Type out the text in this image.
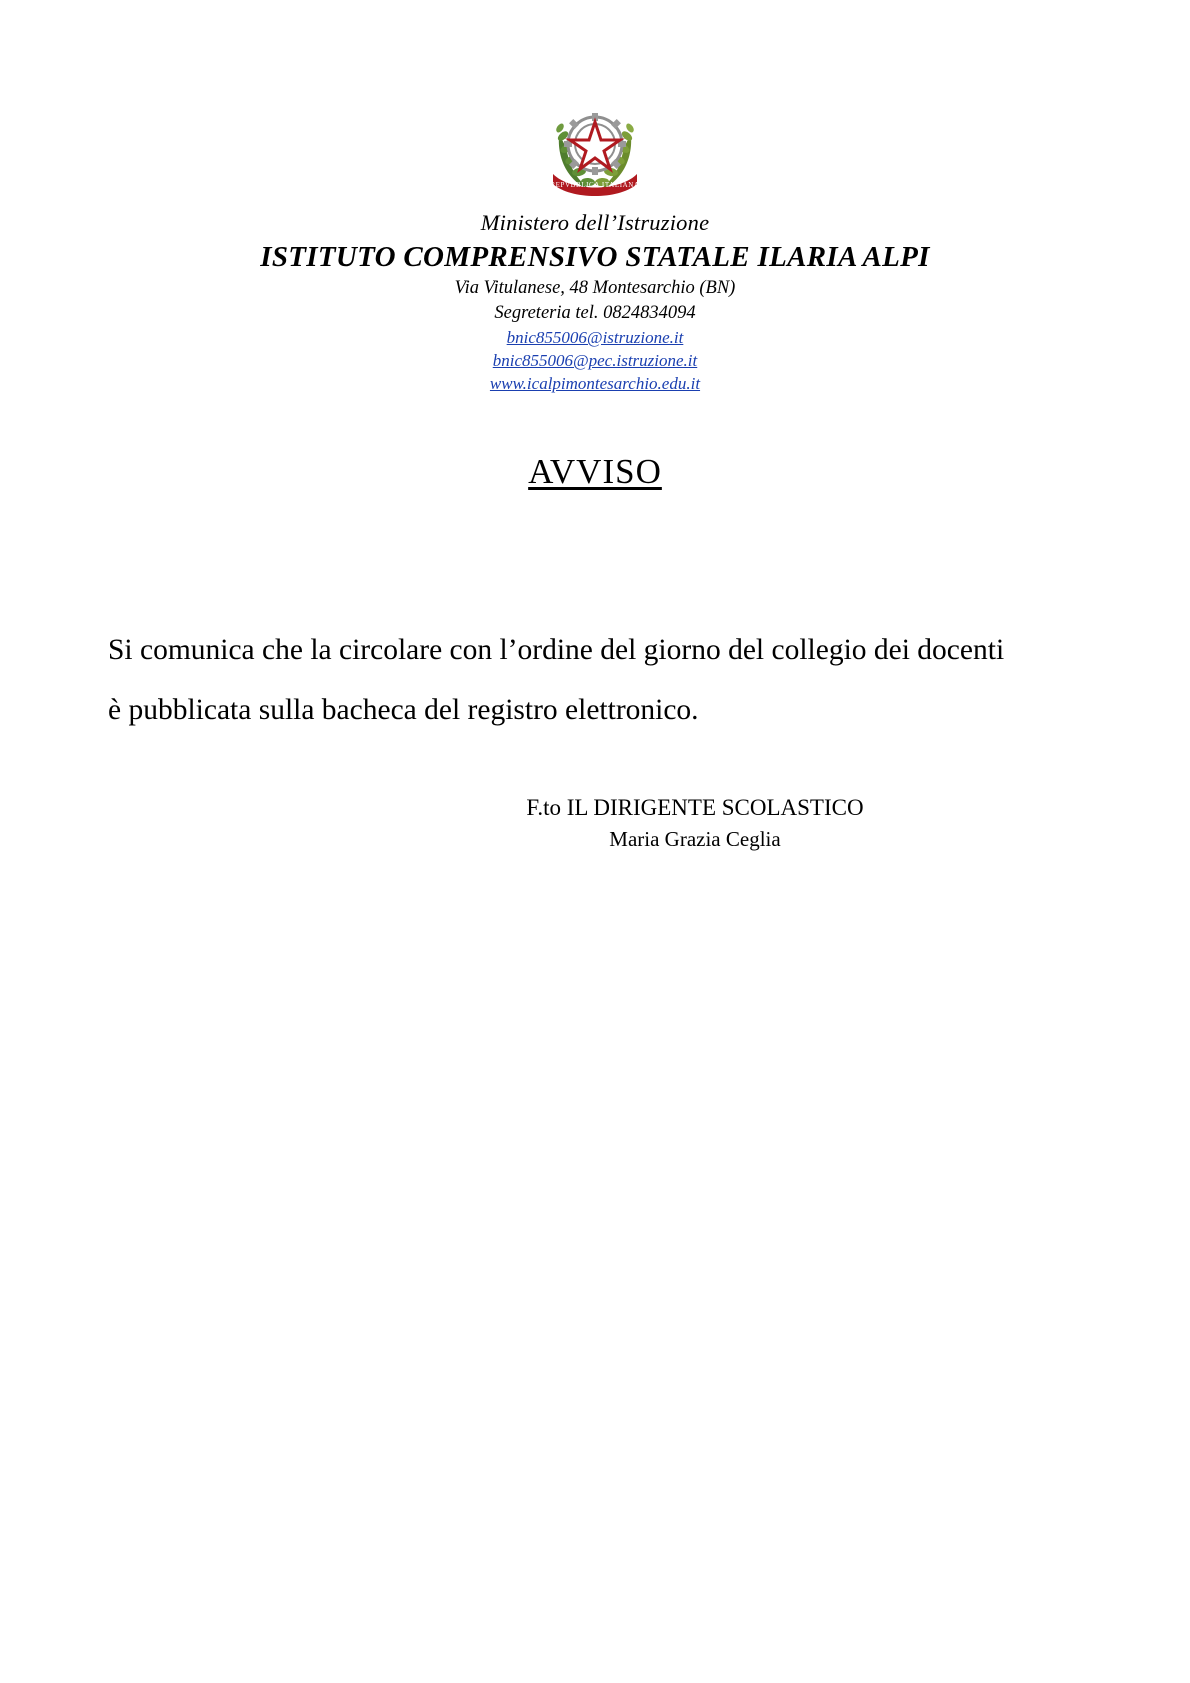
REPVBBLICA ITALIANA
Ministero dell’Istruzione
ISTITUTO COMPRENSIVO STATALE ILARIA ALPI
Via Vitulanese, 48 Montesarchio (BN)
Segreteria tel. 0824834094
bnic855006@istruzione.it
bnic855006@pec.istruzione.it
www.icalpimontesarchio.edu.it
AVVISO
Si comunica che la circolare con l’ordine del giorno del collegio dei docenti è pubblicata sulla bacheca del registro elettronico.
F.to IL DIRIGENTE SCOLASTICO
Maria Grazia Ceglia
